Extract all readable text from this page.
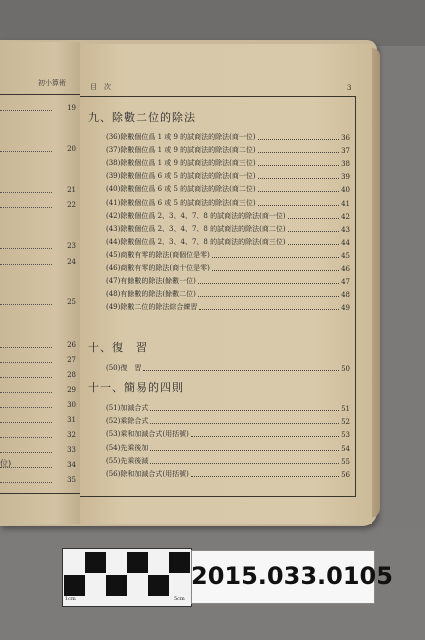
初小算術	目　次	3
19
20
21
22
23
24
25
26
27
28
29
30
31
32
33
34
35
位)
九、除數二位的除法
(36)除數個位爲 1 或 9 的試商法的除法(商一位)	36
(37)除數個位爲 1 或 9 的試商法的除法(商二位)	37
(38)除數個位爲 1 或 9 的試商法的除法(商三位)	38
(39)除數個位爲 6 或 5 的試商法的除法(商一位)	39
(40)除數個位爲 6 或 5 的試商法的除法(商二位)	40
(41)除數個位爲 6 或 5 的試商法的除法(商三位)	41
(42)除數個位爲 2、3、4、7、8 的試商法的除法(商一位)	42
(43)除數個位爲 2、3、4、7、8 的試商法的除法(商二位)	43
(44)除數個位爲 2、3、4、7、8 的試商法的除法(商三位)	44
(45)商數有零的除法(商個位是零)	45
(46)商數有零的除法(商十位是零)	46
(47)有餘數的除法(餘數一位)	47
(48)有餘數的除法(餘數二位)	48
(49)除數二位的除法綜合練習	49
十、復　習
(50)復　習	50
十一、簡易的四則
(51)加減合式	51
(52)乘除合式	52
(53)乘和加減合式(用括號)	53
(54)先乘後加	54
(55)先乘後減	55
(56)除和加減合式(用括號)	56
1cm	5cm
2015.033.0105
